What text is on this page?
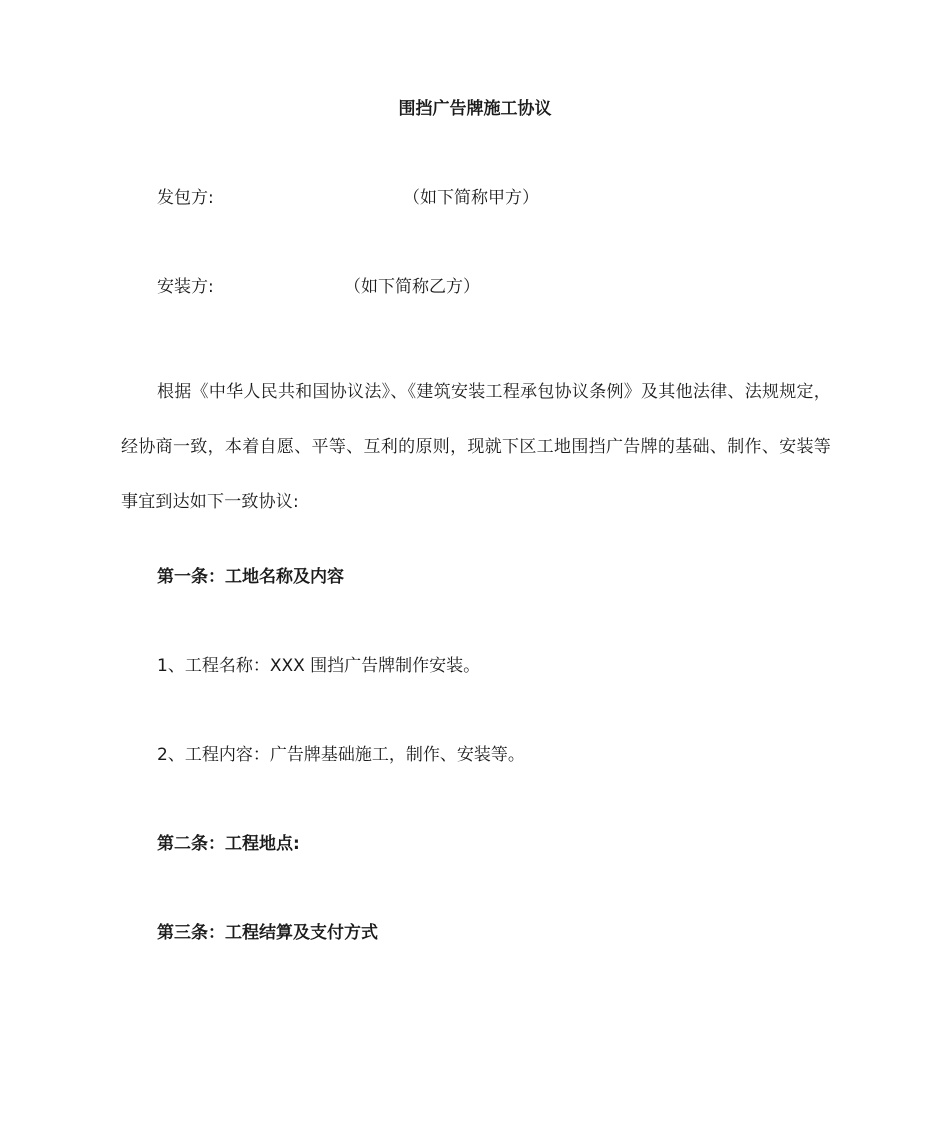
围挡广告牌施工协议
发包方:	（如下简称甲方）
安装方:	（如下简称乙方）
根据《中华人民共和国协议法》、《建筑安装工程承包协议条例》及其他法律、法规规定，经协商一致，本着自愿、平等、互利的原则，现就下区工地围挡广告牌的基础、制作、安装等事宜到达如下一致协议:
第一条：工地名称及内容
1、工程名称：XXX 围挡广告牌制作安装。
2、工程内容：广告牌基础施工，制作、安装等。
第二条：工程地点:
第三条：工程结算及支付方式
